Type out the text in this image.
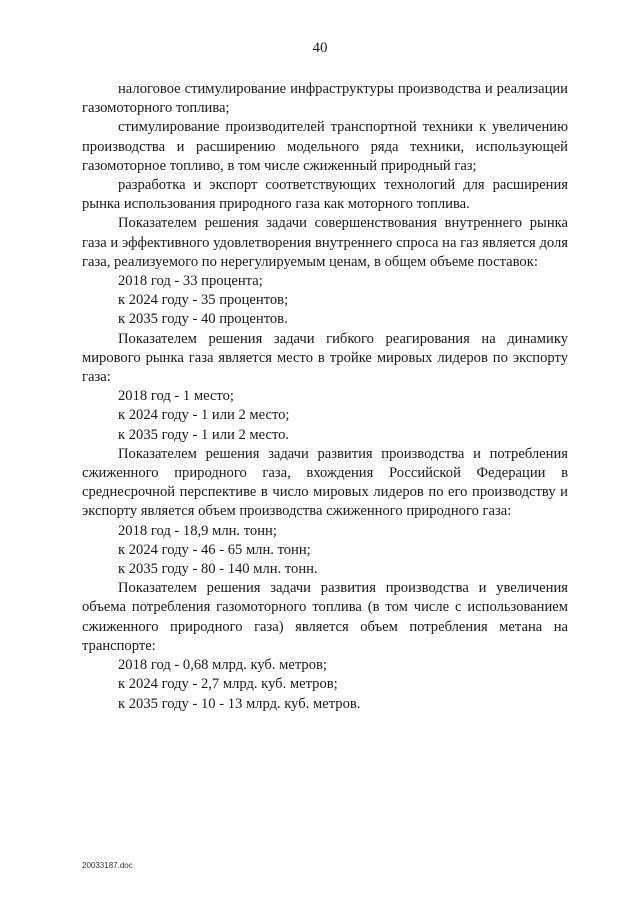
40

налоговое стимулирование инфраструктуры производства и реализации газомоторного топлива;

стимулирование производителей транспортной техники к увеличению производства и расширению модельного ряда техники, использующей газомоторное топливо, в том числе сжиженный природный газ;

разработка и экспорт соответствующих технологий для расширения рынка использования природного газа как моторного топлива.

Показателем решения задачи совершенствования внутреннего рынка газа и эффективного удовлетворения внутреннего спроса на газ является доля газа, реализуемого по нерегулируемым ценам, в общем объеме поставок:

2018 год - 33 процента;

к 2024 году - 35 процентов;

к 2035 году - 40 процентов.

Показателем решения задачи гибкого реагирования на динамику мирового рынка газа является место в тройке мировых лидеров по экспорту газа:

2018 год - 1 место;

к 2024 году - 1 или 2 место;

к 2035 году - 1 или 2 место.

Показателем решения задачи развития производства и потребления сжиженного природного газа, вхождения Российской Федерации в среднесрочной перспективе в число мировых лидеров по его производству и экспорту является объем производства сжиженного природного газа:

2018 год - 18,9 млн. тонн;

к 2024 году - 46 - 65 млн. тонн;

к 2035 году - 80 - 140 млн. тонн.

Показателем решения задачи развития производства и увеличения объема потребления газомоторного топлива (в том числе с использованием сжиженного природного газа) является объем потребления метана на транспорте:

2018 год - 0,68 млрд. куб. метров;

к 2024 году - 2,7 млрд. куб. метров;

к 2035 году - 10 - 13 млрд. куб. метров.

20033187.doc
